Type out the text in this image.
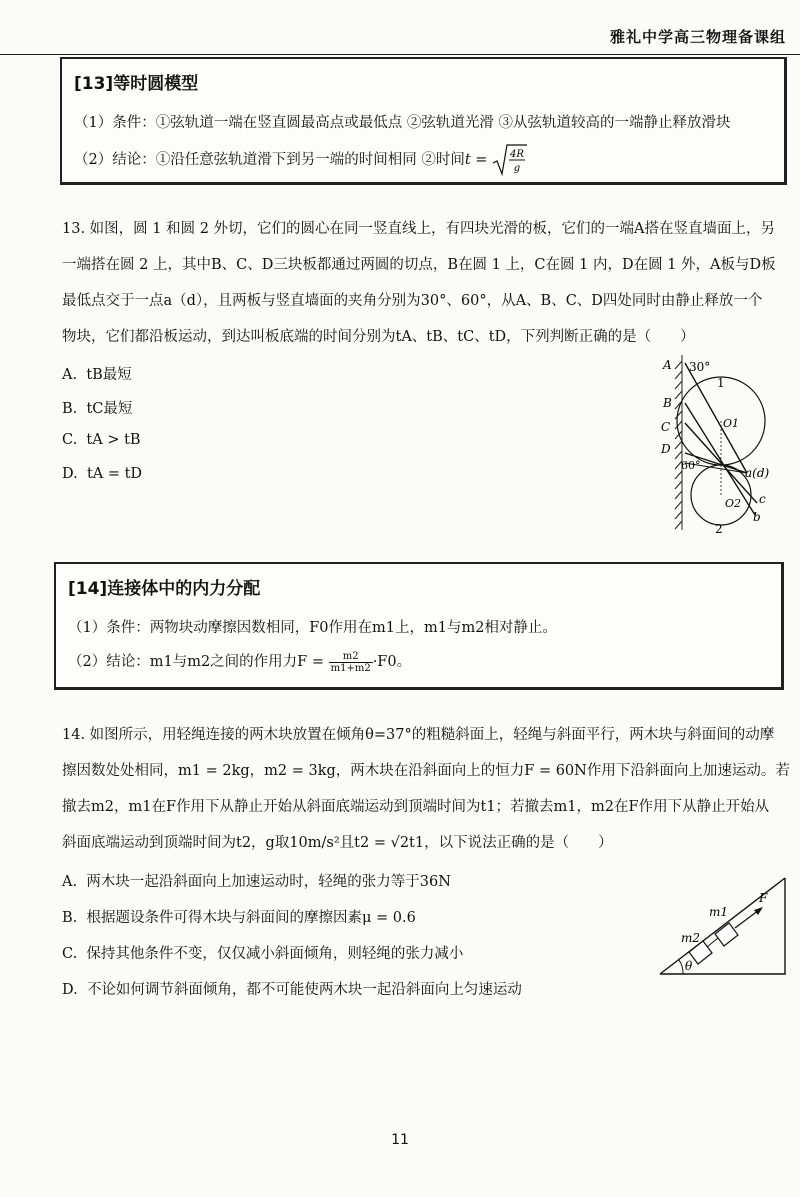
雅礼中学高三物理备课组
[13]等时圆模型
（1）条件：①弦轨道一端在竖直圆最高点或最低点 ②弦轨道光滑 ③从弦轨道较高的一端静止释放滑块
（2）结论：①沿任意弦轨道滑下到另一端的时间相同 ②时间t = 4R
g
13. 如图，圆 1 和圆 2 外切，它们的圆心在同一竖直线上，有四块光滑的板，它们的一端A搭在竖直墙面上，另
一端搭在圆 2 上，其中B、C、D三块板都通过两圆的切点，B在圆 1 上，C在圆 1 内，D在圆 1 外，A板与D板
最低点交于一点a（d），且两板与竖直墙面的夹角分别为30°、60°，从A、B、C、D四处同时由静止释放一个
物块，它们都沿板运动，到达叫板底端的时间分别为tA、tB、tC、tD，下列判断正确的是（　　）
A. tB最短
B. tC最短
C. tA > tB
D. tA = tD
A 30°
1
B
O1
C
D
60°
a(d)
O2 c
b
2
[14]连接体中的内力分配
（1）条件：两物块动摩擦因数相同，F0作用在m1上，m1与m2相对静止。
（2）结论：m1与m2之间的作用力$F = \frac{m2}{m1+m2} \cdot F0$。
14. 如图所示，用轻绳连接的两木块放置在倾角θ=37°的粗糙斜面上，轻绳与斜面平行，两木块与斜面间的动摩
擦因数处处相同，m1 = 2kg，m2 = 3kg，两木块在沿斜面向上的恒力F = 60N作用下沿斜面向上加速运动。若
撤去m2，m1在F作用下从静止开始从斜面底端运动到顶端时间为t1；若撤去m1，m2在F作用下从静止开始从
斜面底端运动到顶端时间为t2，g取10m/s²且t2 = √2t1，以下说法正确的是（　　）
A. 两木块一起沿斜面向上加速运动时，轻绳的张力等于36N
B. 根据题设条件可得木块与斜面间的摩擦因素μ = 0.6
C. 保持其他条件不变，仅仅减小斜面倾角，则轻绳的张力减小
D. 不论如何调节斜面倾角，都不可能使两木块一起沿斜面向上匀速运动
m2
m1
F
θ
11
